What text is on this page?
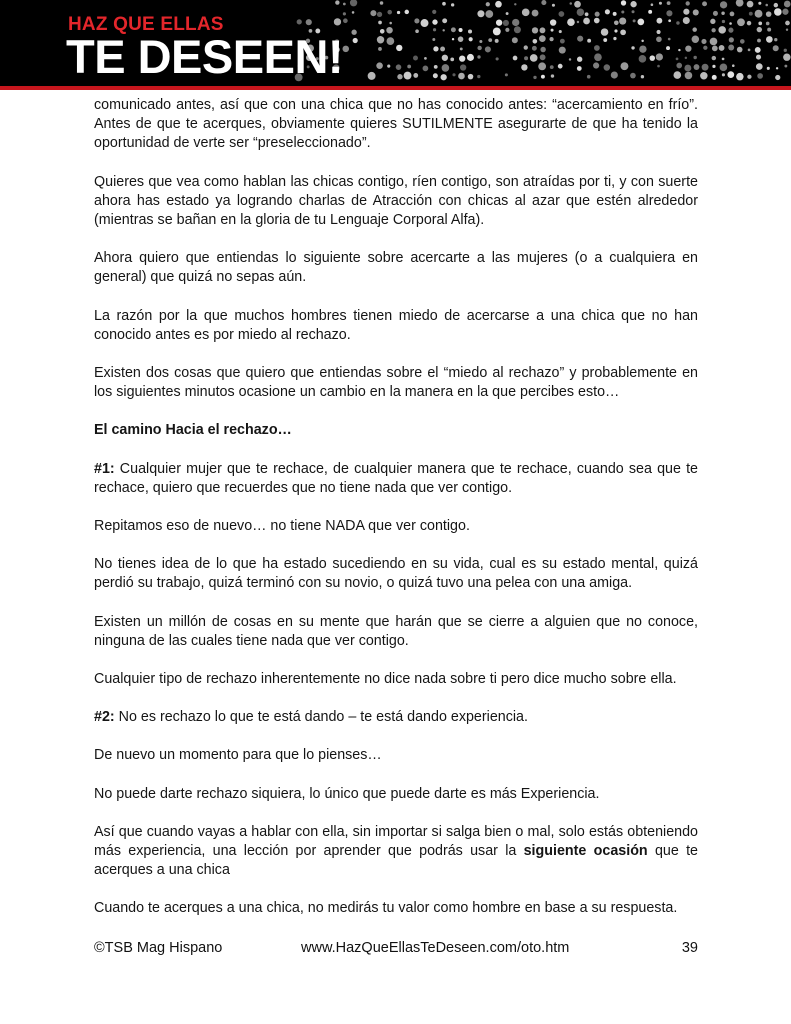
HAZ QUE ELLAS
TE DESEEN!

comunicado antes, así que con una chica que no has conocido antes: “acercamiento en frío”. Antes de que te acerques, obviamente quieres SUTILMENTE asegurarte de que ha tenido la oportunidad de verte ser “preseleccionado”.

Quieres que vea como hablan las chicas contigo, ríen contigo, son atraídas por ti, y con suerte ahora has estado ya logrando charlas de Atracción con chicas al azar que estén alrededor (mientras se bañan en la gloria de tu Lenguaje Corporal Alfa).

Ahora quiero que entiendas lo siguiente sobre acercarte a las mujeres (o a cualquiera en general) que quizá no sepas aún.

La razón por la que muchos hombres tienen miedo de acercarse a una chica que no han conocido antes es por miedo al rechazo.

Existen dos cosas que quiero que entiendas sobre el “miedo al rechazo” y probablemente en los siguientes minutos ocasione un cambio en la manera en la que percibes esto…

El camino Hacia el rechazo…

#1: Cualquier mujer que te rechace, de cualquier manera que te rechace, cuando sea que te rechace, quiero que recuerdes que no tiene nada que ver contigo.

Repitamos eso de nuevo… no tiene NADA que ver contigo.

No tienes idea de lo que ha estado sucediendo en su vida, cual es su estado mental, quizá perdió su trabajo, quizá terminó con su novio, o quizá tuvo una pelea con una amiga.

Existen un millón de cosas en su mente que harán que se cierre a alguien que no conoce, ninguna de las cuales tiene nada que ver contigo.

Cualquier tipo de rechazo inherentemente no dice nada sobre ti pero dice mucho sobre ella.

#2: No es rechazo lo que te está dando – te está dando experiencia.

De nuevo un momento para que lo pienses…

No puede darte rechazo siquiera, lo único que puede darte es más Experiencia.

Así que cuando vayas a hablar con ella, sin importar si salga bien o mal, solo estás obteniendo más experiencia, una lección por aprender que podrás usar la siguiente ocasión que te acerques a una chica

Cuando te acerques a una chica, no medirás tu valor como hombre en base a su respuesta.

©TSB Mag Hispano	www.HazQueEllasTeDeseen.com/oto.htm	39
